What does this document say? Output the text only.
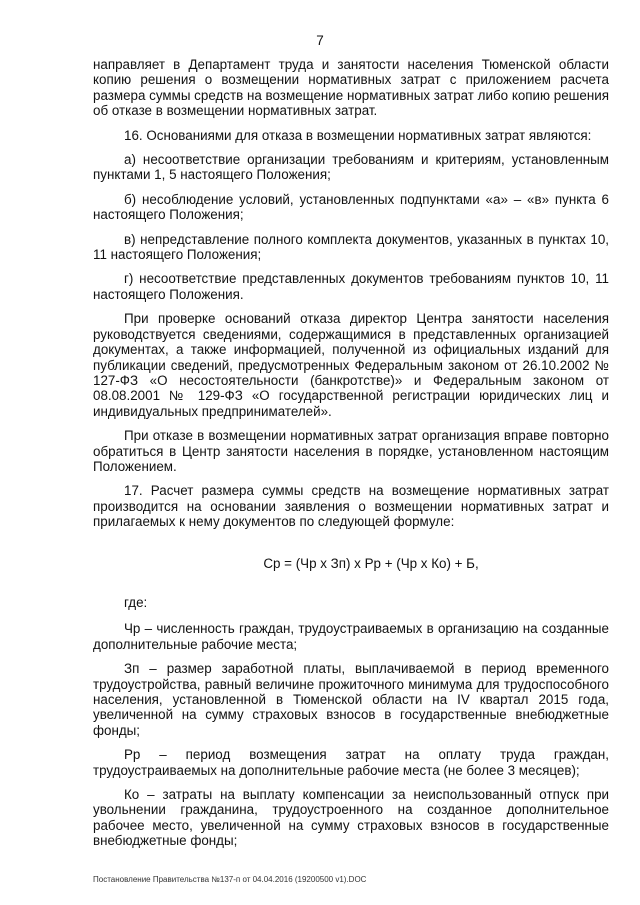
7

направляет в Департамент труда и занятости населения Тюменской области копию решения о возмещении нормативных затрат с приложением расчета размера суммы средств на возмещение нормативных затрат либо копию решения об отказе в возмещении нормативных затрат.

16. Основаниями для отказа в возмещении нормативных затрат являются:

а) несоответствие организации требованиям и критериям, установленным пунктами 1, 5 настоящего Положения;

б) несоблюдение условий, установленных подпунктами «а» – «в» пункта 6 настоящего Положения;

в) непредставление полного комплекта документов, указанных в пунктах 10, 11 настоящего Положения;

г) несоответствие представленных документов требованиям пунктов 10, 11 настоящего Положения.

При проверке оснований отказа директор Центра занятости населения руководствуется сведениями, содержащимися в представленных организацией документах, а также информацией, полученной из официальных изданий для публикации сведений, предусмотренных Федеральным законом от 26.10.2002 № 127-ФЗ «О несостоятельности (банкротстве)» и Федеральным законом от 08.08.2001 № 129-ФЗ «О государственной регистрации юридических лиц и индивидуальных предпринимателей».

При отказе в возмещении нормативных затрат организация вправе повторно обратиться в Центр занятости населения в порядке, установленном настоящим Положением.

17. Расчет размера суммы средств на возмещение нормативных затрат производится на основании заявления о возмещении нормативных затрат и прилагаемых к нему документов по следующей формуле:

Ср = (Чр х Зп) х Рр + (Чр х Ко) + Б,

где:

Чр – численность граждан, трудоустраиваемых в организацию на созданные дополнительные рабочие места;

Зп – размер заработной платы, выплачиваемой в период временного трудоустройства, равный величине прожиточного минимума для трудоспособного населения, установленной в Тюменской области на IV квартал 2015 года, увеличенной на сумму страховых взносов в государственные внебюджетные фонды;

Рр – период возмещения затрат на оплату труда граждан, трудоустраиваемых на дополнительные рабочие места (не более 3 месяцев);

Ко – затраты на выплату компенсации за неиспользованный отпуск при увольнении гражданина, трудоустроенного на созданное дополнительное рабочее место, увеличенной на сумму страховых взносов в государственные внебюджетные фонды;

Постановление Правительства №137-п от 04.04.2016 (19200500 v1).DOC
